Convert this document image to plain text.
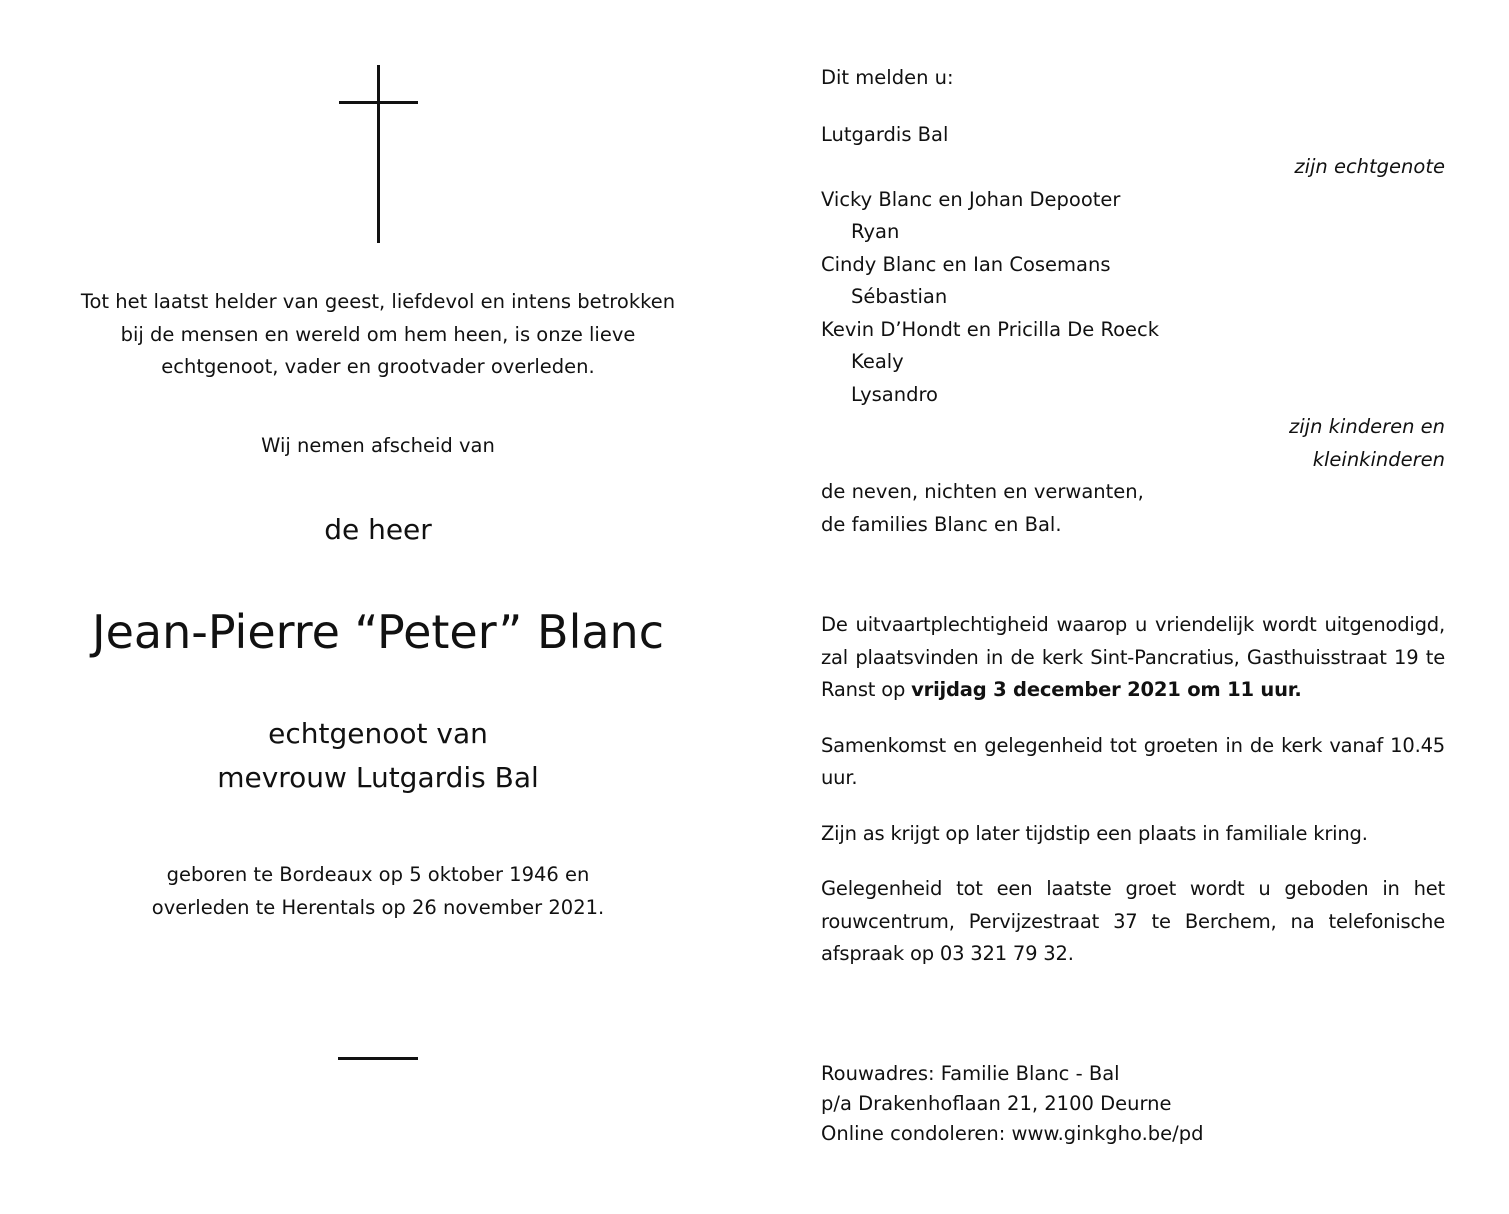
Tot het laatst helder van geest, liefdevol en intens betrokken
bij de mensen en wereld om hem heen, is onze lieve
echtgenoot, vader en grootvader overleden.
Wij nemen afscheid van
de heer
Jean-Pierre “Peter” Blanc
echtgenoot van
mevrouw Lutgardis Bal
geboren te Bordeaux op 5 oktober 1946 en
overleden te Herentals op 26 november 2021.
Dit melden u:
Lutgardis Bal
zijn echtgenote
Vicky Blanc en Johan Depooter
Ryan
Cindy Blanc en Ian Cosemans
Sébastian
Kevin D’Hondt en Pricilla De Roeck
Kealy
Lysandro
zijn kinderen en
kleinkinderen
de neven, nichten en verwanten,
de families Blanc en Bal.

De uitvaartplechtigheid waarop u vriendelijk wordt uitgenodigd, zal plaatsvinden in de kerk Sint-Pancratius, Gasthuisstraat 19 te Ranst op vrijdag 3 december 2021 om 11 uur.

Samenkomst en gelegenheid tot groeten in de kerk vanaf 10.45 uur.

Zijn as krijgt op later tijdstip een plaats in familiale kring.

Gelegenheid tot een laatste groet wordt u geboden in het rouwcentrum, Pervijzestraat 37 te Berchem, na telefonische afspraak op 03 321 79 32.

Rouwadres: Familie Blanc - Bal
p/a Drakenhoflaan 21, 2100 Deurne
Online condoleren: www.ginkgho.be/pd
